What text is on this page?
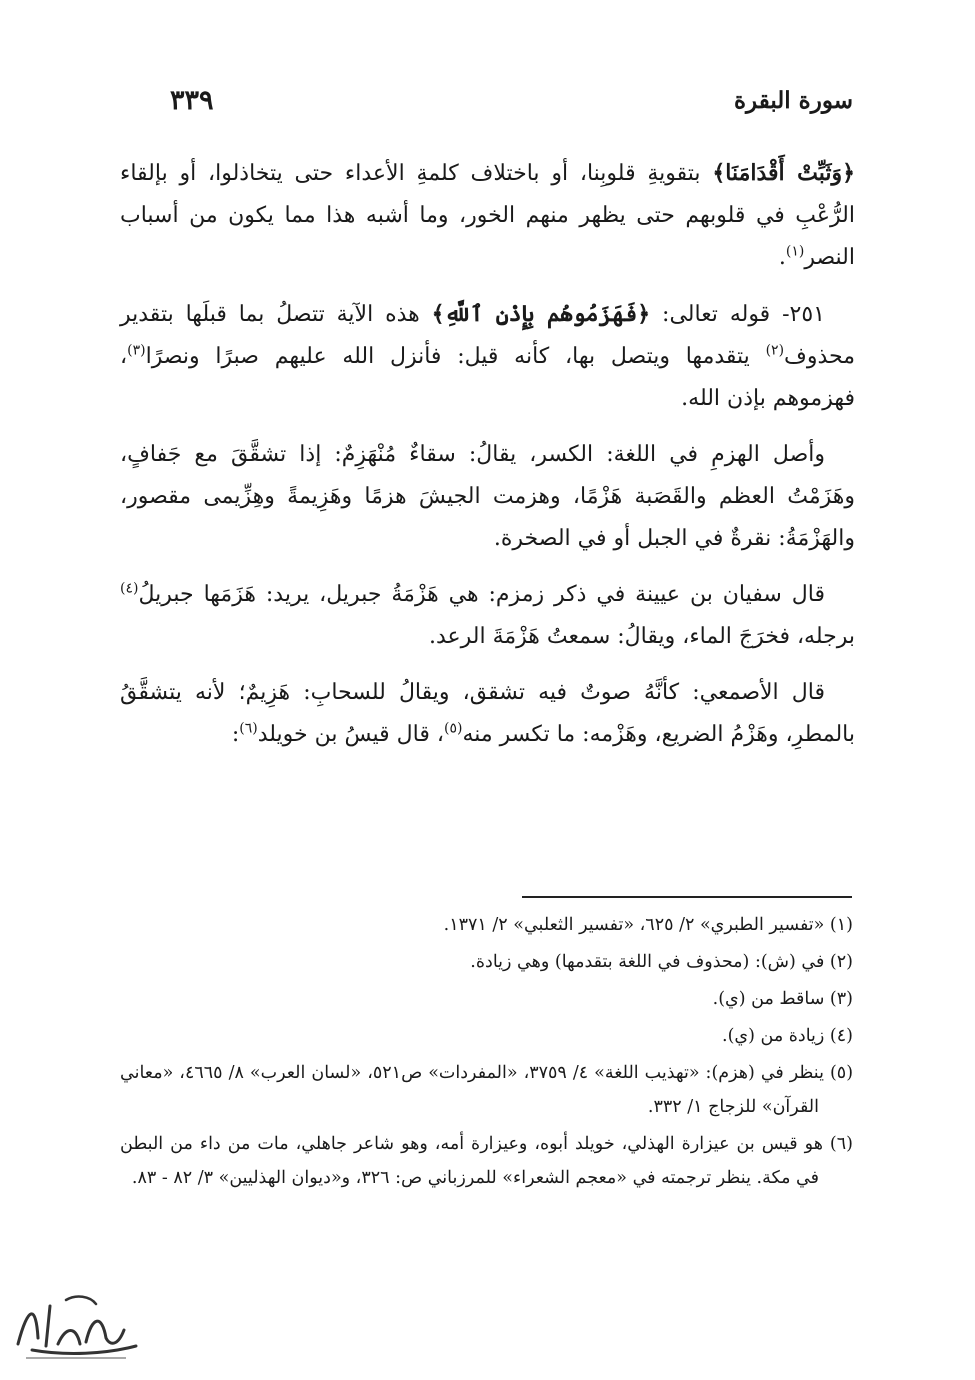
سورة البقرة
٣٣٩

﴿وَثَبِّتْ أَقْدَامَنَا﴾ بتقويةِ قلوبِنا، أو باختلاف كلمةِ الأعداء حتى يتخاذلوا، أو بإلقاء الرُّعْبِ في قلوبهم حتى يظهر منهم الخور، وما أشبه هذا مما يكون من أسباب النصر$^{(١)}$.

٢٥١- قوله تعالى: ﴿فَهَزَمُوهُم بِإِذْنِ ٱللَّهِ﴾ هذه الآية تتصلُ بما قبلَها بتقدير محذوف$^{(٢)}$ يتقدمها ويتصل بها، كأنه قيل: فأنزل الله عليهم صبرًا ونصرًا$^{(٣)}$، فهزموهم بإذن الله.

وأصل الهزمِ في اللغة: الكسر، يقالُ: سقاءٌ مُنْهَزِمٌ: إذا تشقَّقَ مع جَفافٍ، وهَزَمْتُ العظم والقَصَبة هَزْمًا، وهزمت الجيشَ هزمًا وهَزِيمةً وهِزِّيمى مقصور، والهَزْمَةُ: نقرةٌ في الجبل أو في الصخرة.

قال سفيان بن عيينة في ذكر زمزم: هي هَزْمَةُ جبريل، يريد: هَزَمَها جبريلُ$^{(٤)}$ برجله، فخرَجَ الماء، ويقالُ: سمعتُ هَزْمَةَ الرعد.

قال الأصمعي: كأنَّهُ صوتٌ فيه تشقق، ويقالُ للسحابِ: هَزِيمٌ؛ لأنه يتشقَّقُ بالمطرِ، وهَزْمُ الضريع، وهَزْمه: ما تكسر منه$^{(٥)}$، قال قيسُ بن خويلد$^{(٦)}$:

(١) «تفسير الطبري» ٢/ ٦٢٥، «تفسير الثعلبي» ٢/ ١٣٧١.

(٢) في (ش): (محذوف في اللغة بتقدمها) وهي زيادة.

(٣) ساقط من (ي).

(٤) زيادة من (ي).

(٥) ينظر في (هزم): «تهذيب اللغة» ٤/ ٣٧٥٩، «المفردات» ص٥٢١، «لسان العرب» ٨/ ٤٦٦٥، «معاني القرآن» للزجاج ١/ ٣٣٢.

(٦) هو قيس بن عيزارة الهذلي، خويلد أبوه، وعيزارة أمه، وهو شاعر جاهلي، مات من داء من البطن في مكة. ينظر ترجمته في «معجم الشعراء» للمرزباني ص: ٣٢٦، و«ديوان الهذليين» ٣/ ٨٢ - ٨٣.
